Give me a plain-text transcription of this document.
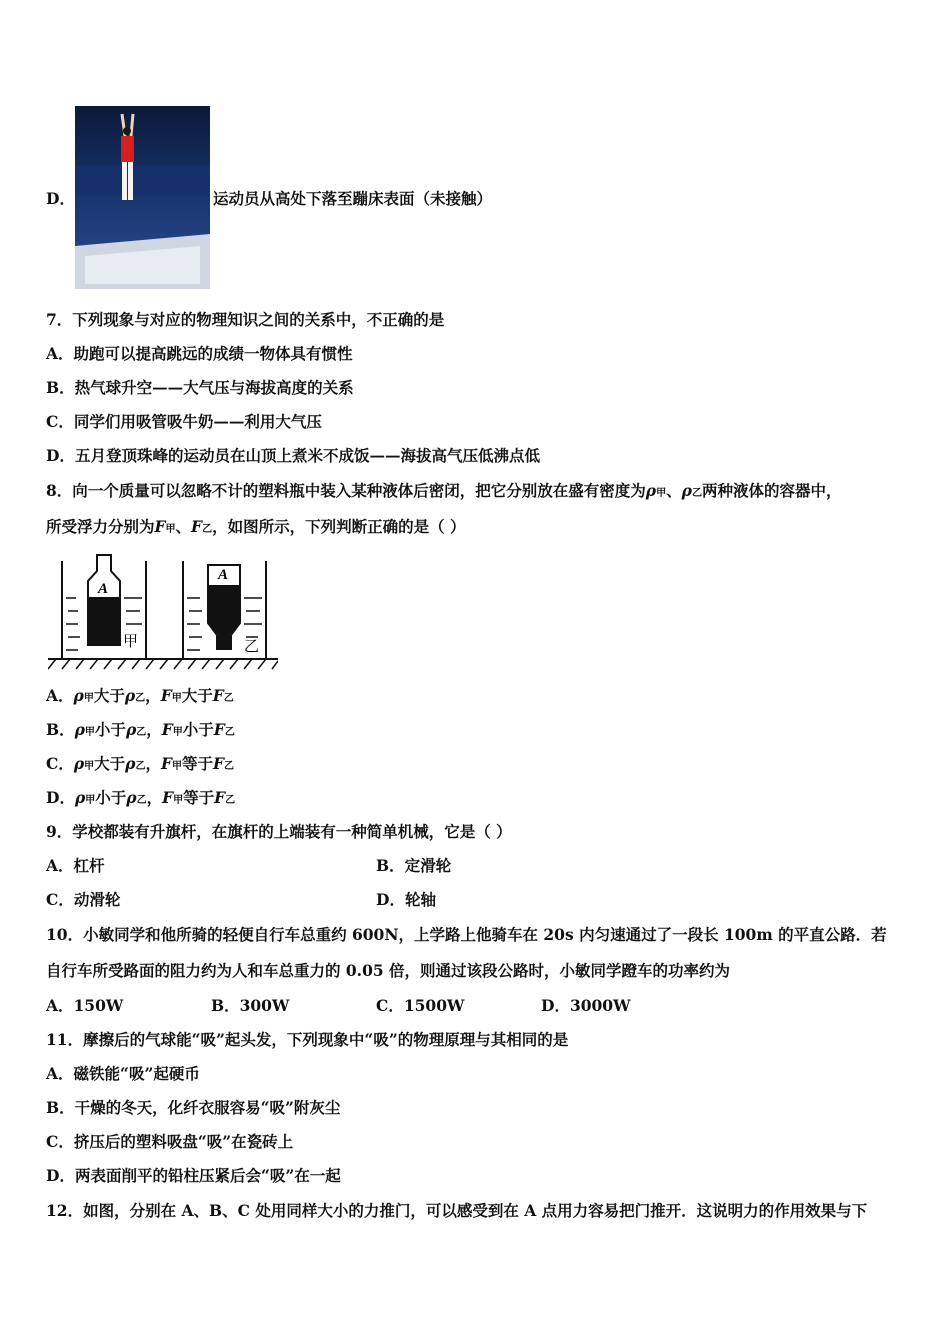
D．	运动员从高处下落至蹦床表面（未接触）
7．下列现象与对应的物理知识之间的关系中，不正确的是
A．助跑可以提高跳远的成绩一物体具有惯性
B．热气球升空——大气压与海拔高度的关系
C．同学们用吸管吸牛奶——利用大气压
D．五月登顶珠峰的运动员在山顶上煮米不成饭——海拔高气压低沸点低
8．向一个质量可以忽略不计的塑料瓶中装入某种液体后密闭，把它分别放在盛有密度为ρ甲、ρ乙两种液体的容器中，
所受浮力分别为F甲、F乙，如图所示，下列判断正确的是（ ）
A
A
甲	乙
A．ρ甲大于ρ乙，F甲大于F乙
B．ρ甲小于ρ乙，F甲小于F乙
C．ρ甲大于ρ乙，F甲等于F乙
D．ρ甲小于ρ乙，F甲等于F乙
9．学校都装有升旗杆，在旗杆的上端装有一种简单机械，它是（ ）
A．杠杆	B．定滑轮
C．动滑轮	D．轮轴
10．小敏同学和他所骑的轻便自行车总重约 600N，上学路上他骑车在 20s 内匀速通过了一段长 100m 的平直公路．若
自行车所受路面的阻力约为人和车总重力的 0.05 倍，则通过该段公路时，小敏同学蹬车的功率约为
A．150W	B．300W	C．1500W	D．3000W
11．摩擦后的气球能“吸”起头发，下列现象中“吸”的物理原理与其相同的是
A．磁铁能“吸”起硬币
B．干燥的冬天，化纤衣服容易“吸”附灰尘
C．挤压后的塑料吸盘“吸”在瓷砖上
D．两表面削平的铅柱压紧后会“吸”在一起
12．如图，分别在 A、B、C 处用同样大小的力推门，可以感受到在 A 点用力容易把门推开．这说明力的作用效果与下
